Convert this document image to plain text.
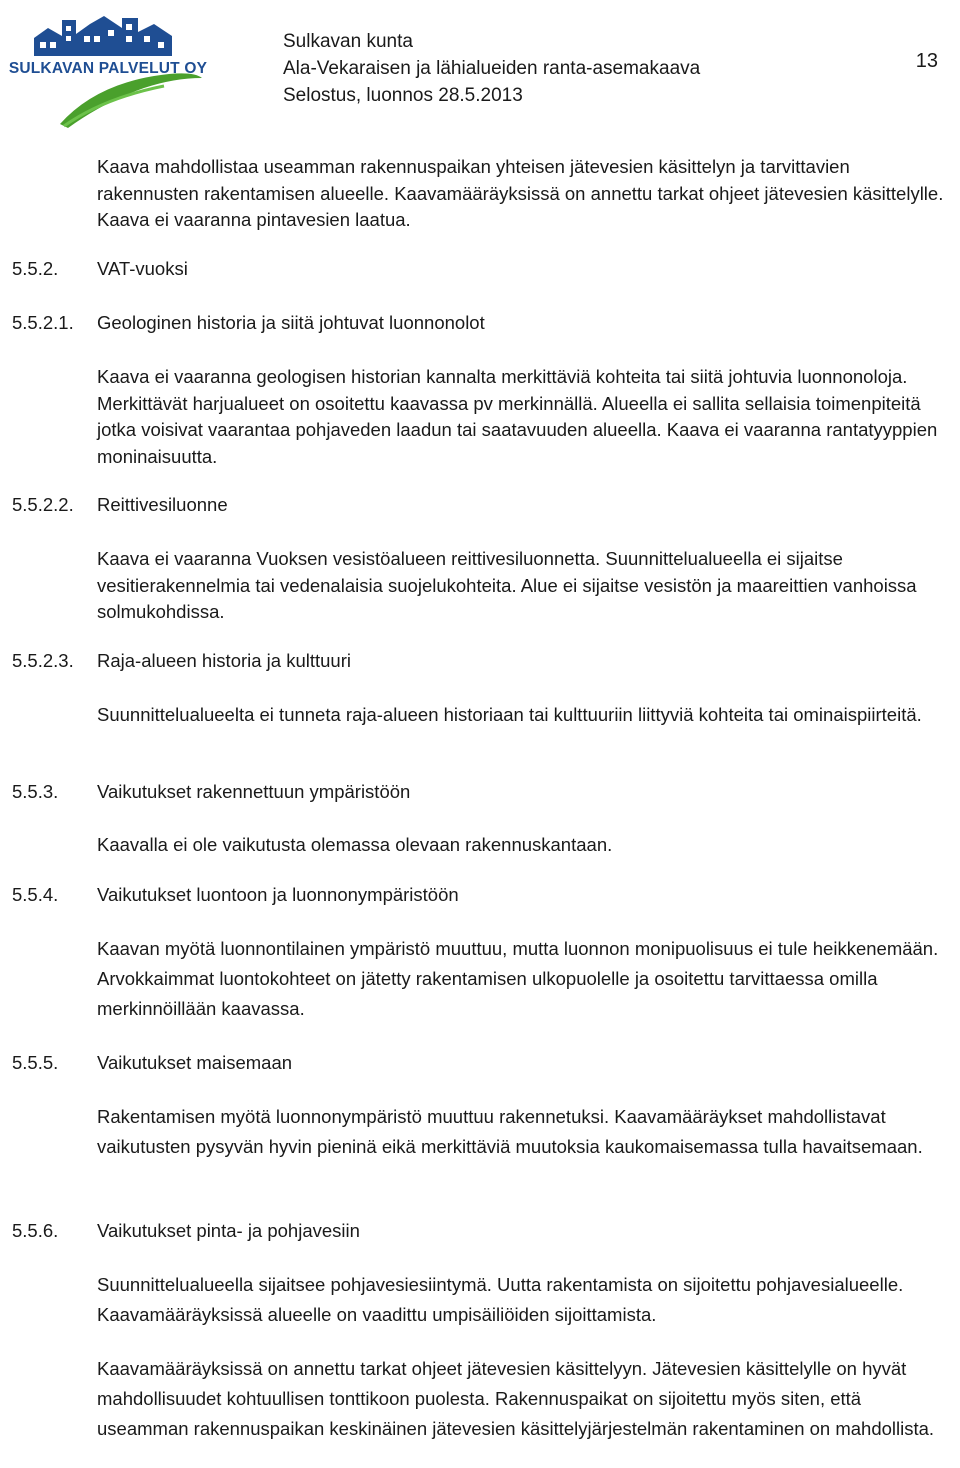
SULKAVAN PALVELUT OY
Sulkavan kunta
Ala-Vekaraisen ja lähialueiden ranta-asemakaava
Selostus, luonnos 28.5.2013
13
Kaava mahdollistaa useamman rakennuspaikan yhteisen jätevesien käsittelyn ja tarvittavien rakennusten rakentamisen alueelle. Kaavamääräyksissä on annettu tarkat ohjeet jätevesien käsittelylle. Kaava ei vaaranna pintavesien laatua.
5.5.2. VAT-vuoksi
5.5.2.1. Geologinen historia ja siitä johtuvat luonnonolot
Kaava ei vaaranna geologisen historian kannalta merkittäviä kohteita tai siitä johtuvia luonnonoloja. Merkittävät harjualueet on osoitettu kaavassa pv merkinnällä. Alueella ei sallita sellaisia toimenpiteitä jotka voisivat vaarantaa pohjaveden laadun tai saatavuuden alueella. Kaava ei vaaranna rantatyyppien moninaisuutta.
5.5.2.2. Reittivesiluonne
Kaava ei vaaranna Vuoksen vesistöalueen reittivesiluonnetta. Suunnittelualueella ei sijaitse vesitierakennelmia tai vedenalaisia suojelukohteita. Alue ei sijaitse vesistön ja maareittien vanhoissa solmukohdissa.
5.5.2.3. Raja-alueen historia ja kulttuuri
Suunnittelualueelta ei tunneta raja-alueen historiaan tai kulttuuriin liittyviä kohteita tai ominaispiirteitä.
5.5.3. Vaikutukset rakennettuun ympäristöön
Kaavalla ei ole vaikutusta olemassa olevaan rakennuskantaan.
5.5.4. Vaikutukset luontoon ja luonnonympäristöön
Kaavan myötä luonnontilainen ympäristö muuttuu, mutta luonnon monipuolisuus ei tule heikkenemään. Arvokkaimmat luontokohteet on jätetty rakentamisen ulkopuolelle ja osoitettu tarvittaessa omilla merkinnöillään kaavassa.
5.5.5. Vaikutukset maisemaan
Rakentamisen myötä luonnonympäristö muuttuu rakennetuksi. Kaavamääräykset mahdollistavat vaikutusten pysyvän hyvin pieninä eikä merkittäviä muutoksia kaukomaisemassa tulla havaitsemaan.
5.5.6. Vaikutukset pinta- ja pohjavesiin
Suunnittelualueella sijaitsee pohjavesiesiintymä. Uutta rakentamista on sijoitettu pohjavesialueelle. Kaavamääräyksissä alueelle on vaadittu umpisäiliöiden sijoittamista.
Kaavamääräyksissä on annettu tarkat ohjeet jätevesien käsittelyyn. Jätevesien käsittelylle on hyvät mahdollisuudet kohtuullisen tonttikoon puolesta. Rakennuspaikat on sijoitettu myös siten, että useamman rakennuspaikan keskinäinen jätevesien käsittelyjärjestelmän rakentaminen on mahdollista.
